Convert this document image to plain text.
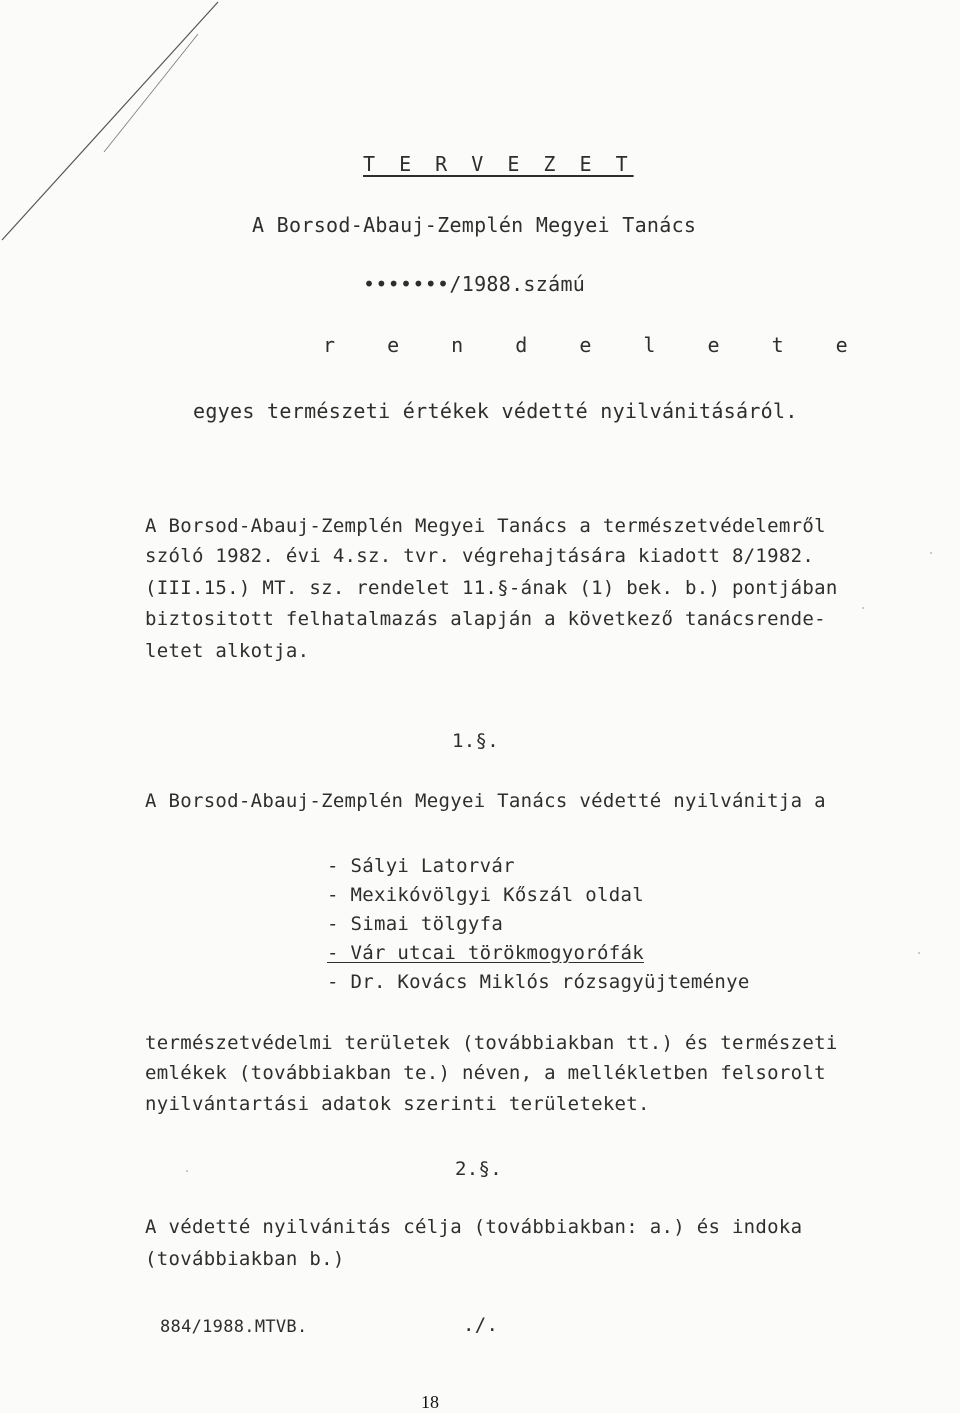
T E R V E Z E T
A Borsod-Abauj-Zemplén Megyei Tanács
•••••••/1988.számú
r e n d e l e t e
egyes természeti értékek védetté nyilvánitásáról.
A Borsod-Abauj-Zemplén Megyei Tanács a természetvédelemről
szóló 1982. évi 4.sz. tvr. végrehajtására kiadott 8/1982.
(III.15.) MT. sz. rendelet 11.§-ának (1) bek. b.) pontjában
biztositott felhatalmazás alapján a következő tanácsrende-
letet alkotja.
1.§.
A Borsod-Abauj-Zemplén Megyei Tanács védetté nyilvánitja a
- Sályi Latorvár
- Mexikóvölgyi Kőszál oldal
- Simai tölgyfa
- Vár utcai törökmogyorófák
- Dr. Kovács Miklós rózsagyüjteménye
természetvédelmi területek (továbbiakban tt.) és természeti
emlékek (továbbiakban te.) néven, a mellékletben felsorolt
nyilvántartási adatok szerinti területeket.
2.§.
A védetté nyilvánitás célja (továbbiakban: a.) és indoka
(továbbiakban b.)
884/1988.MTVB.	./.
18
